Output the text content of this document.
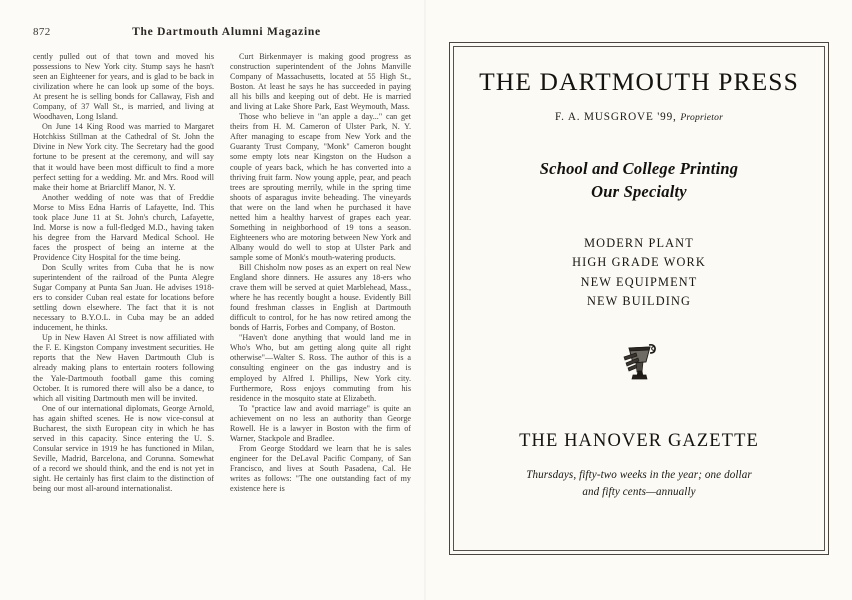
872	The Dartmouth Alumni Magazine

cently pulled out of that town and moved his possessions to New York city. Stump says he hasn't seen an Eighteener for years, and is glad to be back in civilization where he can look up some of the boys. At present he is selling bonds for Callaway, Fish and Company, of 37 Wall St., is married, and living at Woodhaven, Long Island.

On June 14 King Rood was married to Margaret Hotchkiss Stillman at the Cathedral of St. John the Divine in New York city. The Secretary had the good fortune to be present at the ceremony, and will say that it would have been most difficult to find a more perfect setting for a wedding. Mr. and Mrs. Rood will make their home at Briarcliff Manor, N. Y.

Another wedding of note was that of Freddie Morse to Miss Edna Harris of Lafayette, Ind. This took place June 11 at St. John's church, Lafayette, Ind. Morse is now a full-fledged M.D., having taken his degree from the Harvard Medical School. He faces the prospect of being an interne at the Providence City Hospital for the time being.

Don Scully writes from Cuba that he is now superintendent of the railroad of the Punta Alegre Sugar Company at Punta San Juan. He advises 1918-ers to consider Cuban real estate for locations before settling down elsewhere. The fact that it is not necessary to B.Y.O.L. in Cuba may be an added inducement, he thinks.

Up in New Haven Al Street is now affiliated with the F. E. Kingston Company investment securities. He reports that the New Haven Dartmouth Club is already making plans to entertain rooters following the Yale-Dartmouth football game this coming October. It is rumored there will also be a dance, to which all visiting Dartmouth men will be invited.

One of our international diplomats, George Arnold, has again shifted scenes. He is now vice-consul at Bucharest, the sixth European city in which he has served in this capacity. Since entering the U. S. Consular service in 1919 he has functioned in Milan, Seville, Madrid, Barcelona, and Corunna. Somewhat of a record we should think, and the end is not yet in sight. He certainly has first claim to the distinction of being our most all-around internationalist.

Curt Birkenmayer is making good progress as construction superintendent of the Johns Manville Company of Massachusetts, located at 55 High St., Boston. At least he says he has succeeded in paying all his bills and keeping out of debt. He is married and living at Lake Shore Park, East Weymouth, Mass.

Those who believe in "an apple a day..." can get theirs from H. M. Cameron of Ulster Park, N. Y. After managing to escape from New York and the Guaranty Trust Company, "Monk" Cameron bought some empty lots near Kingston on the Hudson a couple of years back, which he has converted into a thriving fruit farm. Now young apple, pear, and peach trees are sprouting merrily, while in the spring time shoots of asparagus invite beheading. The vineyards that were on the land when he purchased it have netted him a healthy harvest of grapes each year. Something in neighborhood of 19 tons a season. Eighteeners who are motoring between New York and Albany would do well to stop at Ulster Park and sample some of Monk's mouth-watering products.

Bill Chisholm now poses as an expert on real New England shore dinners. He assures any 18-ers who crave them will be served at quiet Marblehead, Mass., where he has recently bought a house. Evidently Bill found freshman classes in English at Dartmouth difficult to control, for he has now retired among the bonds of Harris, Forbes and Company, of Boston.

"Haven't done anything that would land me in Who's Who, but am getting along quite all right otherwise"—Walter S. Ross. The author of this is a consulting engineer on the gas industry and is employed by Alfred I. Phillips, New York city. Furthermore, Ross enjoys commuting from his residence in the mosquito state at Elizabeth.

To "practice law and avoid marriage" is quite an achievement on no less an authority than George Rowell. He is a lawyer in Boston with the firm of Warner, Stackpole and Bradlee.

From George Stoddard we learn that he is sales engineer for the DeLaval Pacific Company, of San Francisco, and lives at South Pasadena, Cal. He writes as follows: "The one outstanding fact of my existence here is

THE DARTMOUTH PRESS
F. A. MUSGROVE '99, Proprietor
School and College Printing
Our Specialty
MODERN PLANT
HIGH GRADE WORK
NEW EQUIPMENT
NEW BUILDING
THE HANOVER GAZETTE
Thursdays, fifty-two weeks in the year; one dollar
and fifty cents—annually
